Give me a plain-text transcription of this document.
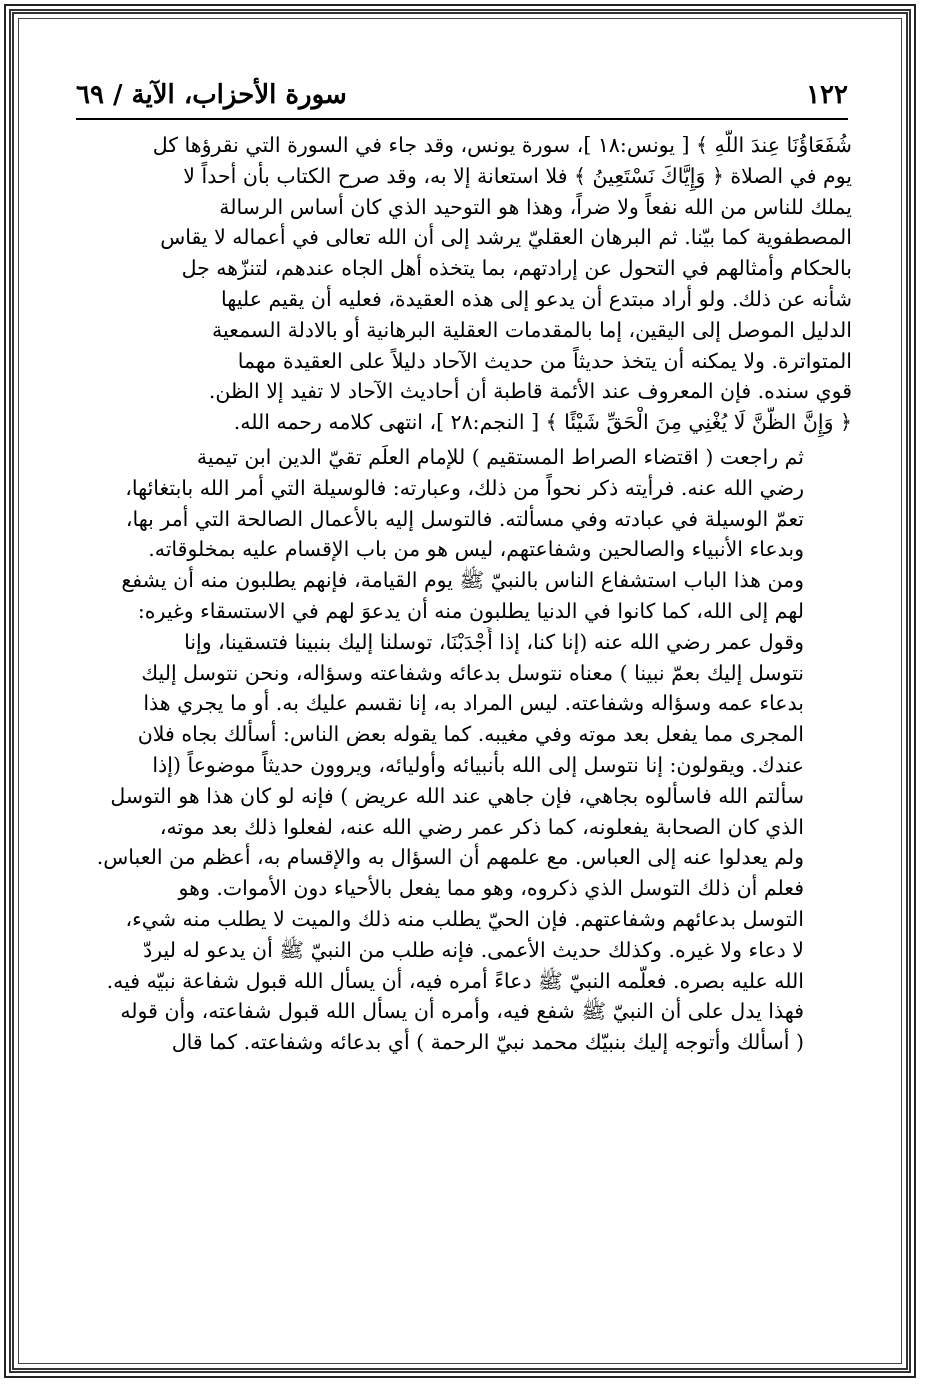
١٢٢
سورة الأحزاب، الآية / ٦٩
شُفَعَاؤُنَا عِندَ اللَّهِ ﴾ [ يونس:١٨ ]، سورة يونس، وقد جاء في السورة التي نقرؤها كل
يوم في الصلاة ﴿ وَإِيَّاكَ نَسْتَعِينُ ﴾ فلا استعانة إلا به، وقد صرح الكتاب بأن أحداً لا
يملك للناس من الله نفعاً ولا ضراً، وهذا هو التوحيد الذي كان أساس الرسالة
المصطفوية كما بيّنا. ثم البرهان العقليّ يرشد إلى أن الله تعالى في أعماله لا يقاس
بالحكام وأمثالهم في التحول عن إرادتهم، بما يتخذه أهل الجاه عندهم، لتنزّهه جل
شأنه عن ذلك. ولو أراد مبتدع أن يدعو إلى هذه العقيدة، فعليه أن يقيم عليها
الدليل الموصل إلى اليقين، إما بالمقدمات العقلية البرهانية أو بالادلة السمعية
المتواترة. ولا يمكنه أن يتخذ حديثاً من حديث الآحاد دليلاً على العقيدة مهما
قوي سنده. فإن المعروف عند الأئمة قاطبة أن أحاديث الآحاد لا تفيد إلا الظن.
﴿ وَإِنَّ الظَّنَّ لَا يُغْنِي مِنَ الْحَقِّ شَيْئًا ﴾ [ النجم:٢٨ ]، انتهى كلامه رحمه الله.
ثم راجعت ( اقتضاء الصراط المستقيم ) للإمام العلَم تقيّ الدين ابن تيمية
رضي الله عنه. فرأيته ذكر نحواً من ذلك، وعبارته: فالوسيلة التي أمر الله بابتغائها،
تعمّ الوسيلة في عبادته وفي مسألته. فالتوسل إليه بالأعمال الصالحة التي أمر بها،
وبدعاء الأنبياء والصالحين وشفاعتهم، ليس هو من باب الإقسام عليه بمخلوقاته.
ومن هذا الباب استشفاع الناس بالنبيّ ﷺ يوم القيامة، فإنهم يطلبون منه أن يشفع
لهم إلى الله، كما كانوا في الدنيا يطلبون منه أن يدعوَ لهم في الاستسقاء وغيره:
وقول عمر رضي الله عنه (إنا كنا، إذا أَجْدَبْنَا، توسلنا إليك بنبينا فتسقينا، وإنا
نتوسل إليك بعمّ نبينا ) معناه نتوسل بدعائه وشفاعته وسؤاله، ونحن نتوسل إليك
بدعاء عمه وسؤاله وشفاعته. ليس المراد به، إنا نقسم عليك به. أو ما يجري هذا
المجرى مما يفعل بعد موته وفي مغيبه. كما يقوله بعض الناس: أسألك بجاه فلان
عندك. ويقولون: إنا نتوسل إلى الله بأنبيائه وأوليائه، ويروون حديثاً موضوعاً (إذا
سألتم الله فاسألوه بجاهي، فإن جاهي عند الله عريض ) فإنه لو كان هذا هو التوسل
الذي كان الصحابة يفعلونه، كما ذكر عمر رضي الله عنه، لفعلوا ذلك بعد موته،
ولم يعدلوا عنه إلى العباس. مع علمهم أن السؤال به والإقسام به، أعظم من العباس.
فعلم أن ذلك التوسل الذي ذكروه، وهو مما يفعل بالأحياء دون الأموات. وهو
التوسل بدعائهم وشفاعتهم. فإن الحيّ يطلب منه ذلك والميت لا يطلب منه شيء،
لا دعاء ولا غيره. وكذلك حديث الأعمى. فإنه طلب من النبيّ ﷺ أن يدعو له ليردّ
الله عليه بصره. فعلّمه النبيّ ﷺ دعاءً أمره فيه، أن يسأل الله قبول شفاعة نبيّه فيه.
فهذا يدل على أن النبيّ ﷺ شفع فيه، وأمره أن يسأل الله قبول شفاعته، وأن قوله
( أسألك وأتوجه إليك بنبيّك محمد نبيّ الرحمة ) أي بدعائه وشفاعته. كما قال
